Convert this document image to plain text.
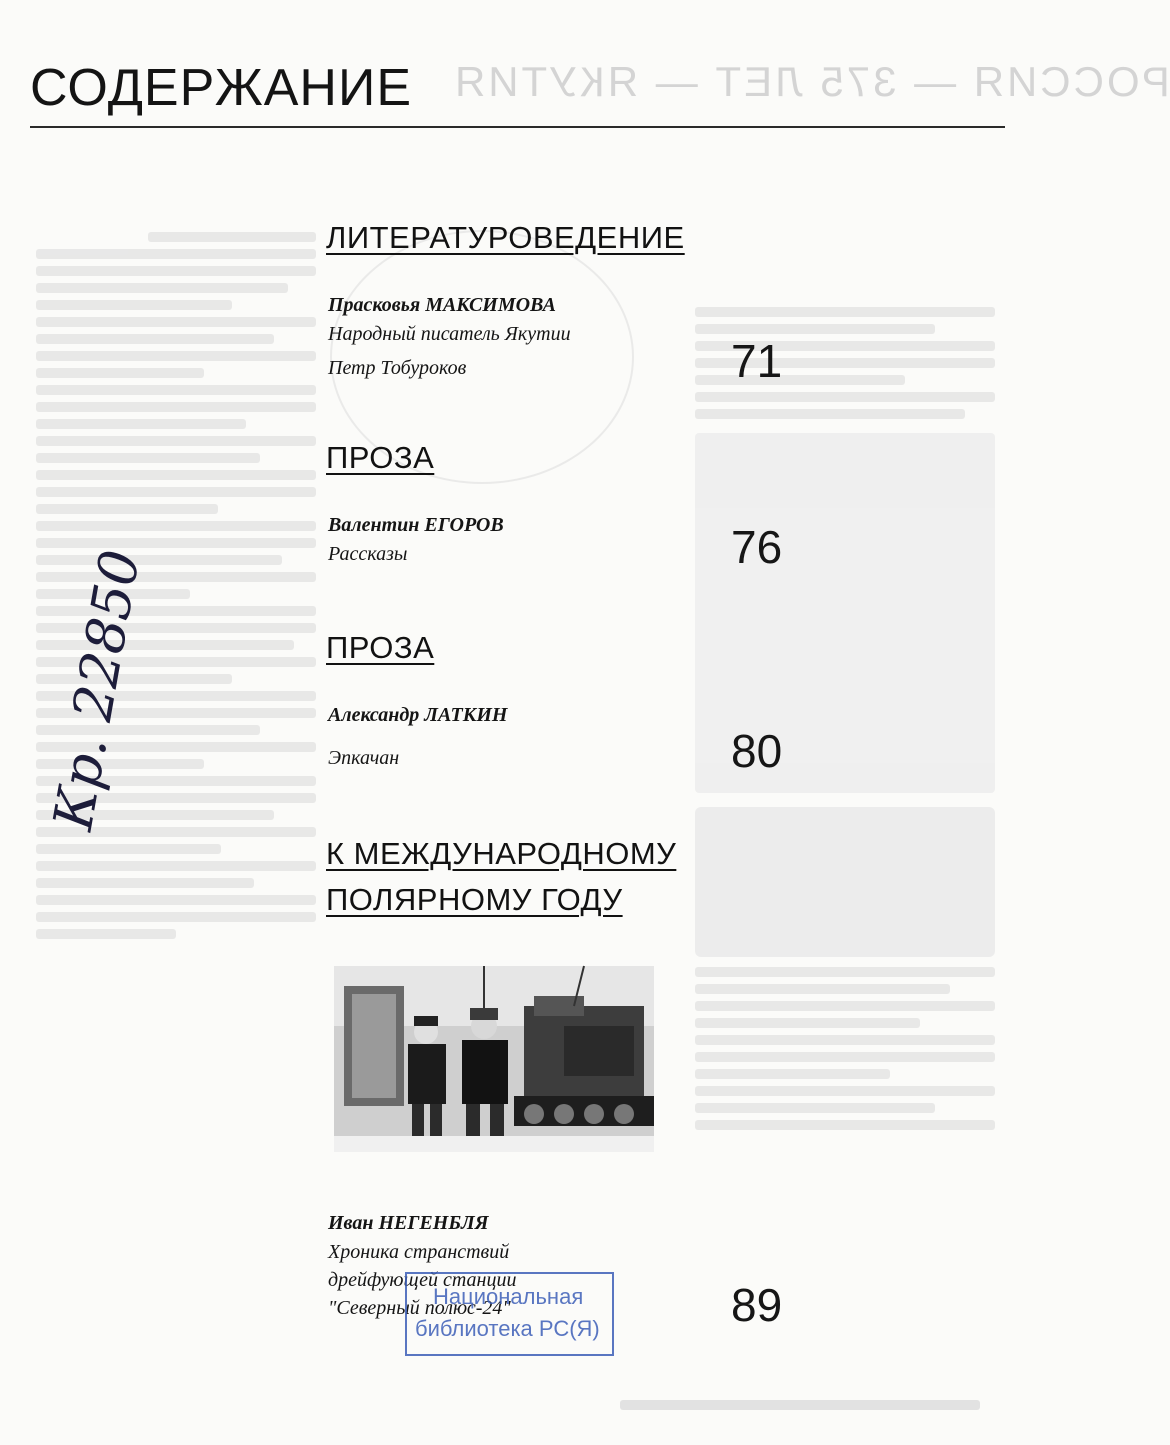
РОССИЯ — 375 ЛЕТ — ЯКУТИЯ
СОДЕРЖАНИЕ
ЛИТЕРАТУРОВЕДЕНИЕ
Прасковья МАКСИМОВА
Народный писатель Якутии
Петр Тобуроков	71
ПРОЗА
Валентин ЕГОРОВ
Рассказы	76
ПРОЗА
Александр ЛАТКИН
Эпкачан	80
К МЕЖДУНАРОДНОМУ
ПОЛЯРНОМУ ГОДУ
Иван НЕГЕНБЛЯ
Хроника странствий
дрейфующей станции
"Северный полюс-24"	89
Национальная
библиотека РС(Я)
Кр. 22850
